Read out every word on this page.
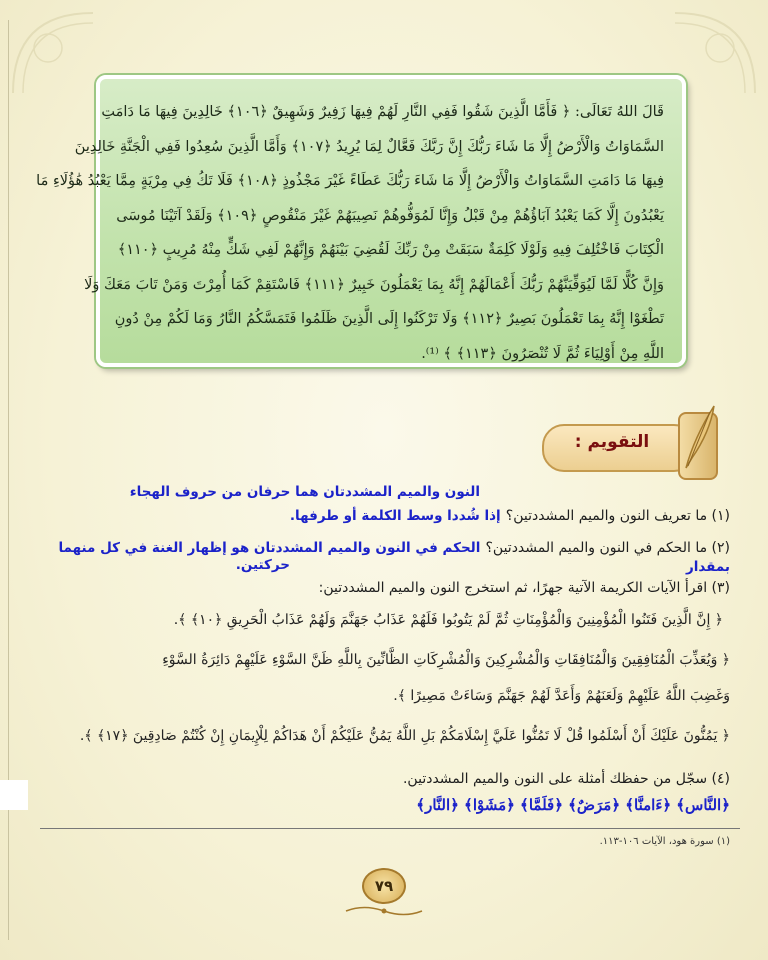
قَالَ اللهُ تَعَالَى: ﴿ فَأَمَّا الَّذِينَ شَقُوا فَفِي النَّارِ لَهُمْ فِيهَا زَفِيرٌ وَشَهِيقٌ ﴿١٠٦﴾ خَالِدِينَ فِيهَا مَا دَامَتِ
السَّمَاوَاتُ وَالْأَرْضُ إِلَّا مَا شَاءَ رَبُّكَ إِنَّ رَبَّكَ فَعَّالٌ لِمَا يُرِيدُ ﴿١٠٧﴾ وَأَمَّا الَّذِينَ سُعِدُوا فَفِي الْجَنَّةِ خَالِدِينَ
فِيهَا مَا دَامَتِ السَّمَاوَاتُ وَالْأَرْضُ إِلَّا مَا شَاءَ رَبُّكَ عَطَاءً غَيْرَ مَجْذُوذٍ ﴿١٠٨﴾ فَلَا تَكُ فِي مِرْيَةٍ مِمَّا يَعْبُدُ هَٰؤُلَاءِ مَا
يَعْبُدُونَ إِلَّا كَمَا يَعْبُدُ آبَاؤُهُمْ مِنْ قَبْلُ وَإِنَّا لَمُوَفُّوهُمْ نَصِيبَهُمْ غَيْرَ مَنْقُوصٍ ﴿١٠٩﴾ وَلَقَدْ آتَيْنَا مُوسَى
الْكِتَابَ فَاخْتُلِفَ فِيهِ وَلَوْلَا كَلِمَةٌ سَبَقَتْ مِنْ رَبِّكَ لَقُضِيَ بَيْنَهُمْ وَإِنَّهُمْ لَفِي شَكٍّ مِنْهُ مُرِيبٍ ﴿١١٠﴾
وَإِنَّ كُلًّا لَمَّا لَيُوَفِّيَنَّهُمْ رَبُّكَ أَعْمَالَهُمْ إِنَّهُ بِمَا يَعْمَلُونَ خَبِيرٌ ﴿١١١﴾ فَاسْتَقِمْ كَمَا أُمِرْتَ وَمَنْ تَابَ مَعَكَ وَلَا
تَطْغَوْا إِنَّهُ بِمَا تَعْمَلُونَ بَصِيرٌ ﴿١١٢﴾ وَلَا تَرْكَنُوا إِلَى الَّذِينَ ظَلَمُوا فَتَمَسَّكُمُ النَّارُ وَمَا لَكُمْ مِنْ دُونِ
اللَّهِ مِنْ أَوْلِيَاءَ ثُمَّ لَا تُنْصَرُونَ ﴿١١٣﴾ ﴾ ⁽¹⁾.
التقويم :
النون والميم المشددتان هما حرفان من حروف الهجاء
(١) ما تعريف النون والميم المشددتين؟ إذا شُددا وسط الكلمة أو طرفها.
(٢) ما الحكم في النون والميم المشددتين؟ الحكم في النون والميم المشددتان هو إظهار الغنة في كل منهما بمقدار
حركتين.
(٣) اقرأ الآيات الكريمة الآتية جهرًا، ثم استخرج النون والميم المشددتين:
﴿ إِنَّ الَّذِينَ فَتَنُوا الْمُؤْمِنِينَ وَالْمُؤْمِنَاتِ ثُمَّ لَمْ يَتُوبُوا فَلَهُمْ عَذَابُ جَهَنَّمَ وَلَهُمْ عَذَابُ الْحَرِيقِ ﴿١٠﴾ ﴾.
﴿ وَيُعَذِّبَ الْمُنَافِقِينَ وَالْمُنَافِقَاتِ وَالْمُشْرِكِينَ وَالْمُشْرِكَاتِ الظَّانِّينَ بِاللَّهِ ظَنَّ السَّوْءِ عَلَيْهِمْ دَائِرَةُ السَّوْءِ
وَغَضِبَ اللَّهُ عَلَيْهِمْ وَلَعَنَهُمْ وَأَعَدَّ لَهُمْ جَهَنَّمَ وَسَاءَتْ مَصِيرًا ﴾.
﴿ يَمُنُّونَ عَلَيْكَ أَنْ أَسْلَمُوا قُلْ لَا تَمُنُّوا عَلَيَّ إِسْلَامَكُمْ بَلِ اللَّهُ يَمُنُّ عَلَيْكُمْ أَنْ هَدَاكُمْ لِلْإِيمَانِ إِنْ كُنْتُمْ صَادِقِينَ ﴿١٧﴾ ﴾.
(٤) سجّل من حفظك أمثلة على النون والميم المشددتين.
﴿النَّاس﴾ ﴿ءَامنَّا﴾ ﴿مَرَضٌ﴾ ﴿فَلَمَّا﴾ ﴿مَشَوْا﴾ ﴿النَّار﴾
(١) سورة هود، الآيات ١٠٦-١١٣.
٧٩
